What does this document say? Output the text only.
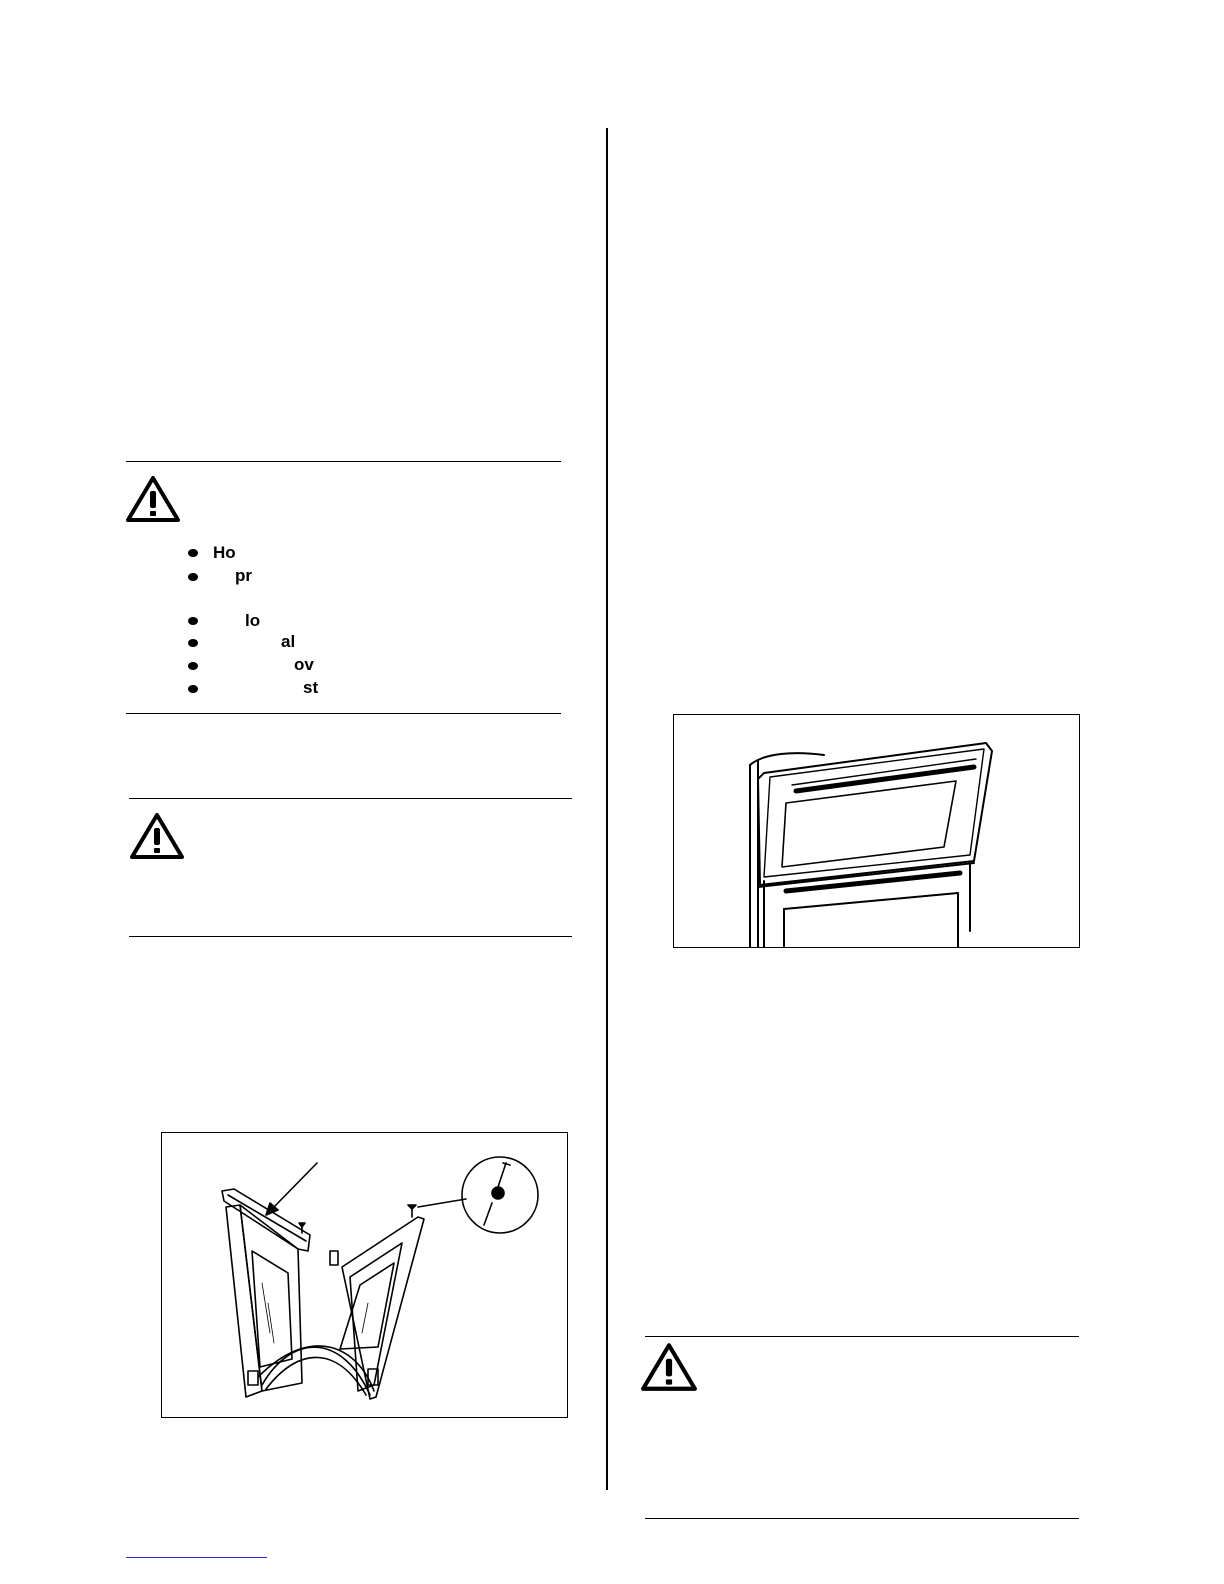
Ho
pr
lo
al
ov
st
